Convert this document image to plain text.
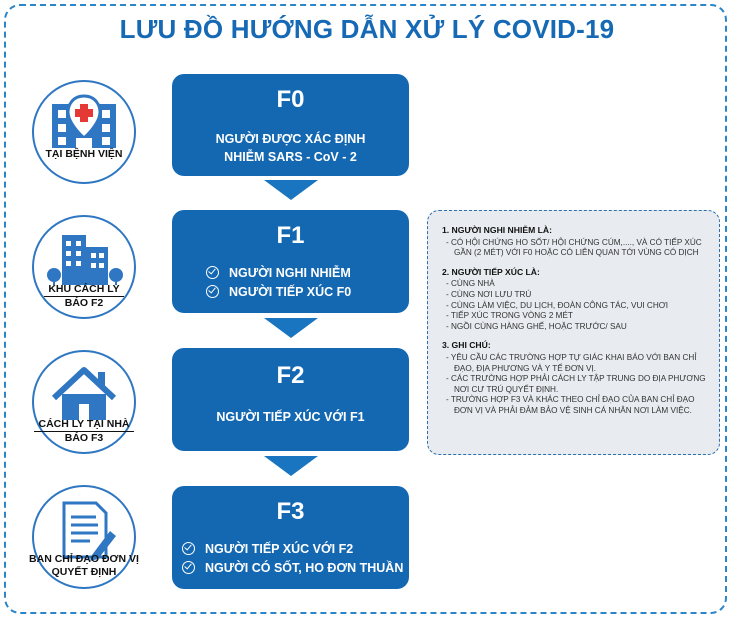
LƯU ĐỒ HƯỚNG DẪN XỬ LÝ COVID-19
TẠI BỆNH VIỆN
KHU CÁCH LY
BÁO F2
CÁCH LY TẠI NHÀ
BÁO F3
BAN CHỈ ĐẠO ĐƠN VỊ
QUYẾT ĐỊNH
F0
NGƯỜI ĐƯỢC XÁC ĐỊNH
NHIỄM SARS - CoV - 2
F1
NGƯỜI NGHI NHIỄM
NGƯỜI TIẾP XÚC F0
F2
NGƯỜI TIẾP XÚC VỚI F1
F3
NGƯỜI TIẾP XÚC VỚI F2
NGƯỜI CÓ SỐT, HO ĐƠN THUẦN
1. NGƯỜI NGHI NHIỄM LÀ:
- CÓ HỘI CHỨNG HO SỐT/ HỘI CHỨNG CÚM,...., VÀ CÓ TIẾP XÚC GẦN (2 MÉT) VỚI F0 HOẶC CÓ LIÊN QUAN TỚI VÙNG CÓ DỊCH
2. NGƯỜI TIẾP XÚC LÀ:
- CÙNG NHÀ
- CÙNG NƠI LƯU TRÚ
- CÙNG LÀM VIỆC, DU LỊCH, ĐOÀN CÔNG TÁC, VUI CHƠI
- TIẾP XÚC TRONG VÒNG 2 MÉT
- NGỒI CÙNG HÀNG GHẾ, HOẶC TRƯỚC/ SAU
3. GHI CHÚ:
- YÊU CẦU CÁC TRƯỜNG HỢP TỰ GIÁC KHAI BÁO VỚI BAN CHỈ ĐẠO, ĐỊA PHƯƠNG VÀ Y TẾ ĐƠN VỊ.
- CÁC TRƯỜNG HỢP PHẢI CÁCH LY TẬP TRUNG DO ĐỊA PHƯƠNG NƠI CƯ TRÚ QUYẾT ĐỊNH.
- TRƯỜNG HỢP F3 VÀ KHÁC THEO CHỈ ĐẠO CỦA BAN CHỈ ĐẠO ĐƠN VỊ VÀ PHẢI ĐẢM BẢO VỆ SINH CÁ NHÂN NƠI LÀM VIỆC.
